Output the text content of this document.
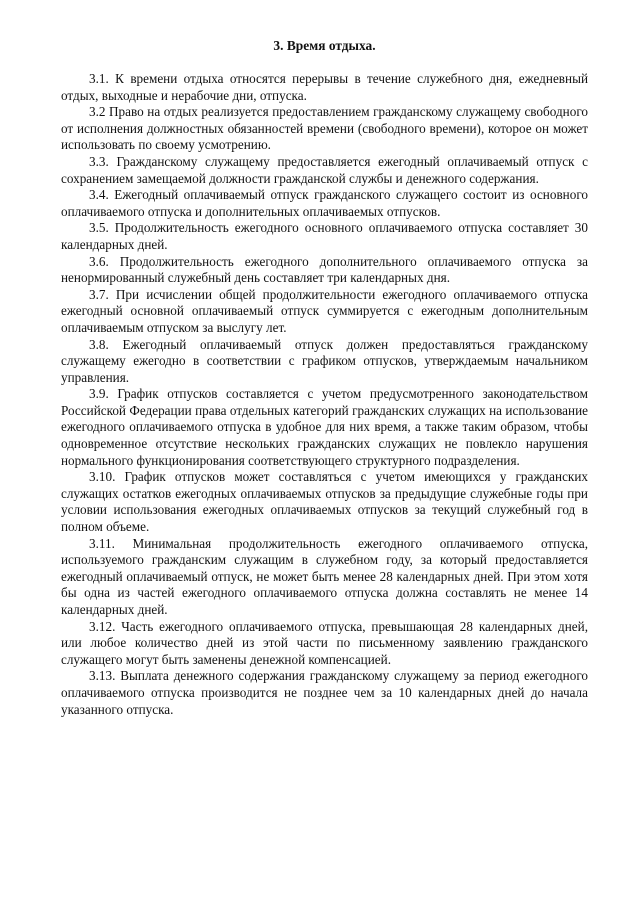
3. Время отдыха.

3.1. К времени отдыха относятся перерывы в течение служебного дня, ежедневный отдых, выходные и нерабочие дни, отпуска.

3.2 Право на отдых реализуется предоставлением гражданскому служащему свободного от исполнения должностных обязанностей времени (свободного времени), которое он может использовать по своему усмотрению.

3.3. Гражданскому служащему предоставляется ежегодный оплачиваемый отпуск с сохранением замещаемой должности гражданской службы и денежного содержания.

3.4. Ежегодный оплачиваемый отпуск гражданского служащего состоит из основного оплачиваемого отпуска и дополнительных оплачиваемых отпусков.

3.5. Продолжительность ежегодного основного оплачиваемого отпуска составляет 30 календарных дней.

3.6. Продолжительность ежегодного дополнительного оплачиваемого отпуска за ненормированный служебный день составляет три календарных дня.

3.7. При исчислении общей продолжительности ежегодного оплачиваемого отпуска ежегодный основной оплачиваемый отпуск суммируется с ежегодным дополнительным оплачиваемым отпуском за выслугу лет.

3.8. Ежегодный оплачиваемый отпуск должен предоставляться гражданскому служащему ежегодно в соответствии с графиком отпусков, утверждаемым начальником управления.

3.9. График отпусков составляется с учетом предусмотренного законодательством Российской Федерации права отдельных категорий гражданских служащих на использование ежегодного оплачиваемого отпуска в удобное для них время, а также таким образом, чтобы одновременное отсутствие нескольких гражданских служащих не повлекло нарушения нормального функционирования соответствующего структурного подразделения.

3.10. График отпусков может составляться с учетом имеющихся у гражданских служащих остатков ежегодных оплачиваемых отпусков за предыдущие служебные годы при условии использования ежегодных оплачиваемых отпусков за текущий служебный год в полном объеме.

3.11. Минимальная продолжительность ежегодного оплачиваемого отпуска, используемого гражданским служащим в служебном году, за который предоставляется ежегодный оплачиваемый отпуск, не может быть менее 28 календарных дней. При этом хотя бы одна из частей ежегодного оплачиваемого отпуска должна составлять не менее 14 календарных дней.

3.12. Часть ежегодного оплачиваемого отпуска, превышающая 28 календарных дней, или любое количество дней из этой части по письменному заявлению гражданского служащего могут быть заменены денежной компенсацией.

3.13. Выплата денежного содержания гражданскому служащему за период ежегодного оплачиваемого отпуска производится не позднее чем за 10 календарных дней до начала указанного отпуска.
